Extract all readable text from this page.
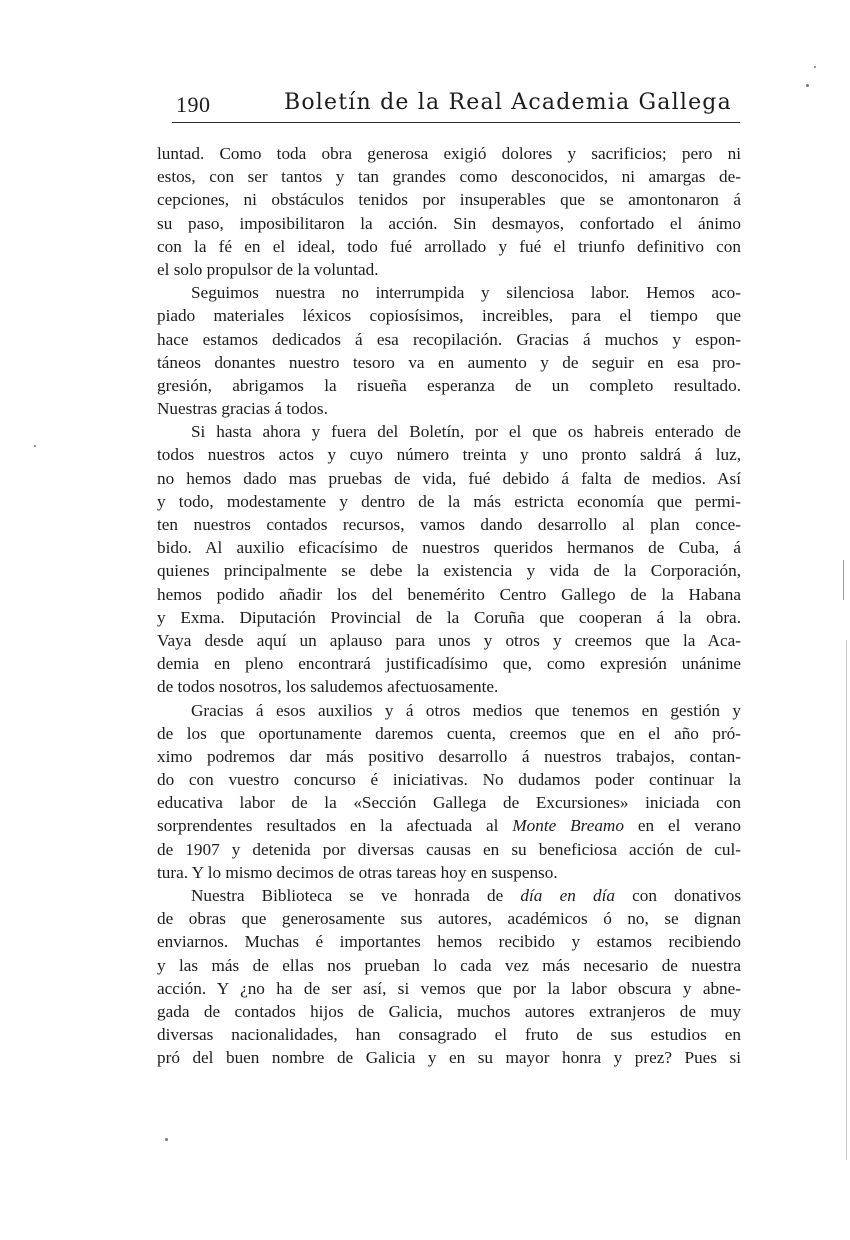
190	Boletín de la Real Academia Gallega
luntad. Como toda obra generosa exigió dolores y sacrificios; pero ni
estos, con ser tantos y tan grandes como desconocidos, ni amargas de-
cepciones, ni obstáculos tenidos por insuperables que se amontonaron á
su paso, imposibilitaron la acción. Sin desmayos, confortado el ánimo
con la fé en el ideal, todo fué arrollado y fué el triunfo definitivo con
el solo propulsor de la voluntad.
Seguimos nuestra no interrumpida y silenciosa labor. Hemos aco-
piado materiales léxicos copiosísimos, increibles, para el tiempo que
hace estamos dedicados á esa recopilación. Gracias á muchos y espon-
táneos donantes nuestro tesoro va en aumento y de seguir en esa pro-
gresión, abrigamos la risueña esperanza de un completo resultado.
Nuestras gracias á todos.
Si hasta ahora y fuera del Boletín, por el que os habreis enterado de
todos nuestros actos y cuyo número treinta y uno pronto saldrá á luz,
no hemos dado mas pruebas de vida, fué debido á falta de medios. Así
y todo, modestamente y dentro de la más estricta economía que permi-
ten nuestros contados recursos, vamos dando desarrollo al plan conce-
bido. Al auxilio eficacísimo de nuestros queridos hermanos de Cuba, á
quienes principalmente se debe la existencia y vida de la Corporación,
hemos podido añadir los del benemérito Centro Gallego de la Habana
y Exma. Diputación Provincial de la Coruña que cooperan á la obra.
Vaya desde aquí un aplauso para unos y otros y creemos que la Aca-
demia en pleno encontrará justificadísimo que, como expresión unánime
de todos nosotros, los saludemos afectuosamente.
Gracias á esos auxilios y á otros medios que tenemos en gestión y
de los que oportunamente daremos cuenta, creemos que en el año pró-
ximo podremos dar más positivo desarrollo á nuestros trabajos, contan-
do con vuestro concurso é iniciativas. No dudamos poder continuar la
educativa labor de la «Sección Gallega de Excursiones» iniciada con
sorprendentes resultados en la afectuada al Monte Breamo en el verano
de 1907 y detenida por diversas causas en su beneficiosa acción de cul-
tura. Y lo mismo decimos de otras tareas hoy en suspenso.
Nuestra Biblioteca se ve honrada de día en día con donativos
de obras que generosamente sus autores, académicos ó no, se dignan
enviarnos. Muchas é importantes hemos recibido y estamos recibiendo
y las más de ellas nos prueban lo cada vez más necesario de nuestra
acción. Y ¿no ha de ser así, si vemos que por la labor obscura y abne-
gada de contados hijos de Galicia, muchos autores extranjeros de muy
diversas nacionalidades, han consagrado el fruto de sus estudios en
pró del buen nombre de Galicia y en su mayor honra y prez? Pues si
